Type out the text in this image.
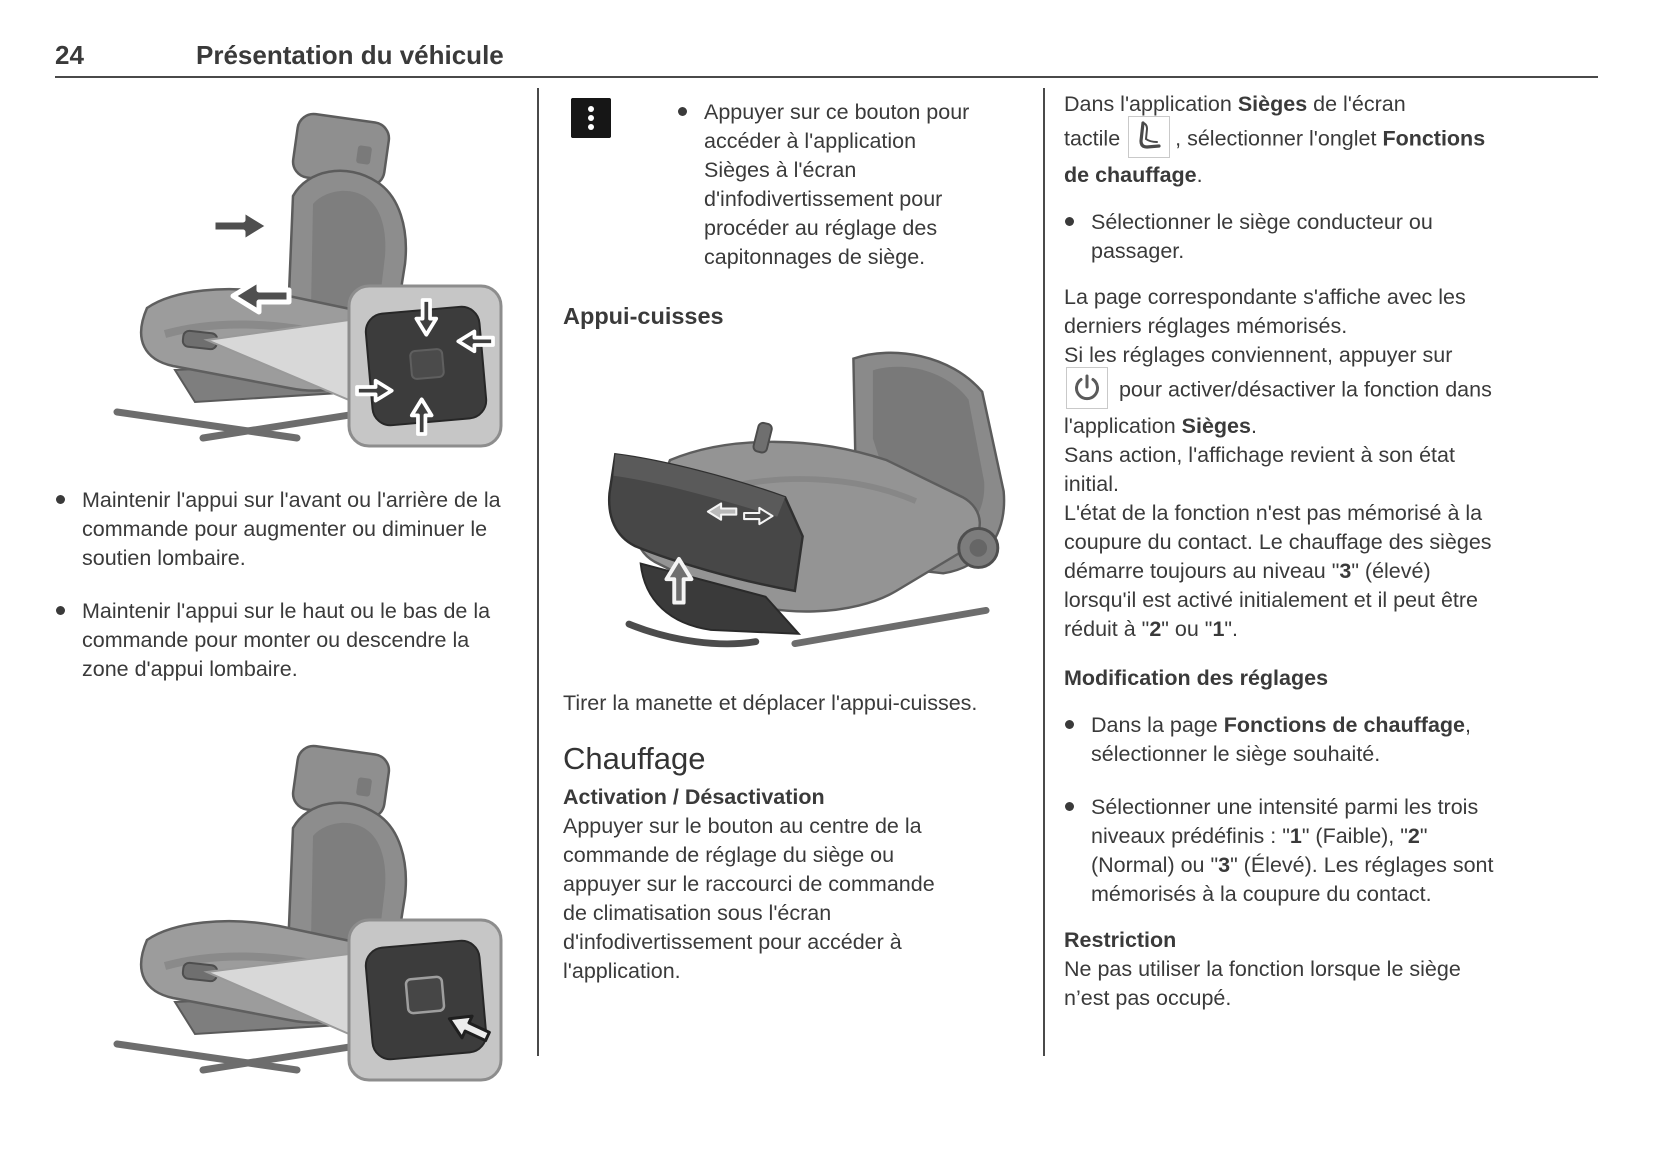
24	Présentation du véhicule
Maintenir l'appui sur l'avant ou l'arrière de la commande pour augmenter ou diminuer le soutien lombaire.
Maintenir l'appui sur le haut ou le bas de la commande pour monter ou descendre la zone d'appui lombaire.
Appuyer sur ce bouton pour accéder à l'application Sièges à l'écran d'infodivertissement pour procéder au réglage des capitonnages de siège.
Appui-cuisses

Tirer la manette et déplacer l'appui-cuisses.

Chauffage

Activation / Désactivation

Appuyer sur le bouton au centre de la commande de réglage du siège ou appuyer sur le raccourci de commande de climatisation sous l'écran d'infodivertissement pour accéder à l'application.

Dans l'application Sièges de l'écran
tactile
, sélectionner l'onglet Fonctions de chauffage.

Sélectionner le siège conducteur ou passager.

La page correspondante s'affiche avec les derniers réglages mémorisés.

Si les réglages conviennent, appuyer sur
pour activer/désactiver la fonction dans l'application Sièges.

Sans action, l'affichage revient à son état initial.

L'état de la fonction n'est pas mémorisé à la coupure du contact. Le chauffage des sièges démarre toujours au niveau "3" (élevé) lorsqu'il est activé initialement et il peut être réduit à "2" ou "1".

Modification des réglages

Dans la page Fonctions de chauffage, sélectionner le siège souhaité.
Sélectionner une intensité parmi les trois niveaux prédéfinis : "1" (Faible), "2" (Normal) ou "3" (Élevé). Les réglages sont mémorisés à la coupure du contact.

Restriction

Ne pas utiliser la fonction lorsque le siège n’est pas occupé.
